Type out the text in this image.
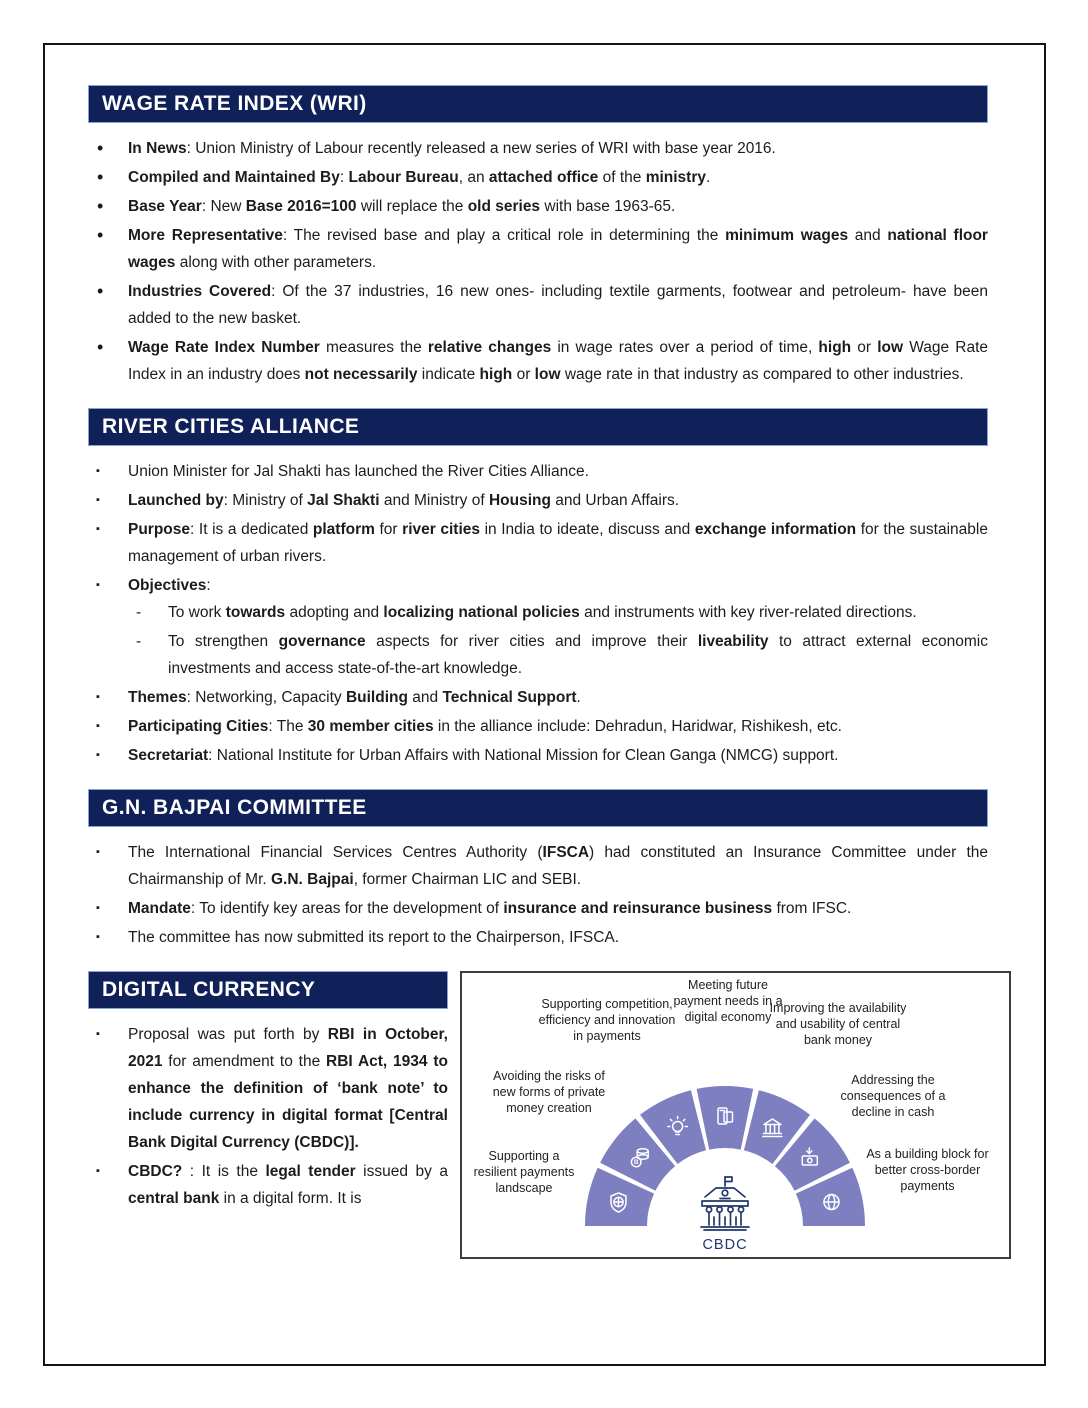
WAGE RATE INDEX (WRI)
• In News: Union Ministry of Labour recently released a new series of WRI with base year 2016.
• Compiled and Maintained By: Labour Bureau, an attached office of the ministry.
• Base Year: New Base 2016=100 will replace the old series with base 1963-65.
• More Representative: The revised base and play a critical role in determining the minimum wages and national floor wages along with other parameters.
• Industries Covered: Of the 37 industries, 16 new ones- including textile garments, footwear and petroleum- have been added to the new basket.
• Wage Rate Index Number measures the relative changes in wage rates over a period of time, high or low Wage Rate Index in an industry does not necessarily indicate high or low wage rate in that industry as compared to other industries.
RIVER CITIES ALLIANCE
▪ Union Minister for Jal Shakti has launched the River Cities Alliance.
▪ Launched by: Ministry of Jal Shakti and Ministry of Housing and Urban Affairs.
▪ Purpose: It is a dedicated platform for river cities in India to ideate, discuss and exchange information for the sustainable management of urban rivers.
▪ Objectives:
- To work towards adopting and localizing national policies and instruments with key river-related directions.
- To strengthen governance aspects for river cities and improve their liveability to attract external economic investments and access state-of-the-art knowledge.
▪ Themes: Networking, Capacity Building and Technical Support.
▪ Participating Cities: The 30 member cities in the alliance include: Dehradun, Haridwar, Rishikesh, etc.
▪ Secretariat: National Institute for Urban Affairs with National Mission for Clean Ganga (NMCG) support.
G.N. BAJPAI COMMITTEE
▪ The International Financial Services Centres Authority (IFSCA) had constituted an Insurance Committee under the Chairmanship of Mr. G.N. Bajpai, former Chairman LIC and SEBI.
▪ Mandate: To identify key areas for the development of insurance and reinsurance business from IFSC.
▪ The committee has now submitted its report to the Chairperson, IFSCA.
DIGITAL CURRENCY
▪ Proposal was put forth by RBI in October, 2021 for amendment to the RBI Act, 1934 to enhance the definition of ‘bank note’ to include currency in digital format [Central Bank Digital Currency (CBDC)].
▪ CBDC? : It is the legal tender issued by a central bank in a digital form. It is
Supporting a resilient payments landscape
Avoiding the risks of new forms of private money creation
Supporting competition, efficiency and innovation in payments
Meeting future payment needs in a digital economy
Improving the availability and usability of central bank money
Addressing the consequences of a decline in cash
As a building block for better cross-border payments
B
CBDC
